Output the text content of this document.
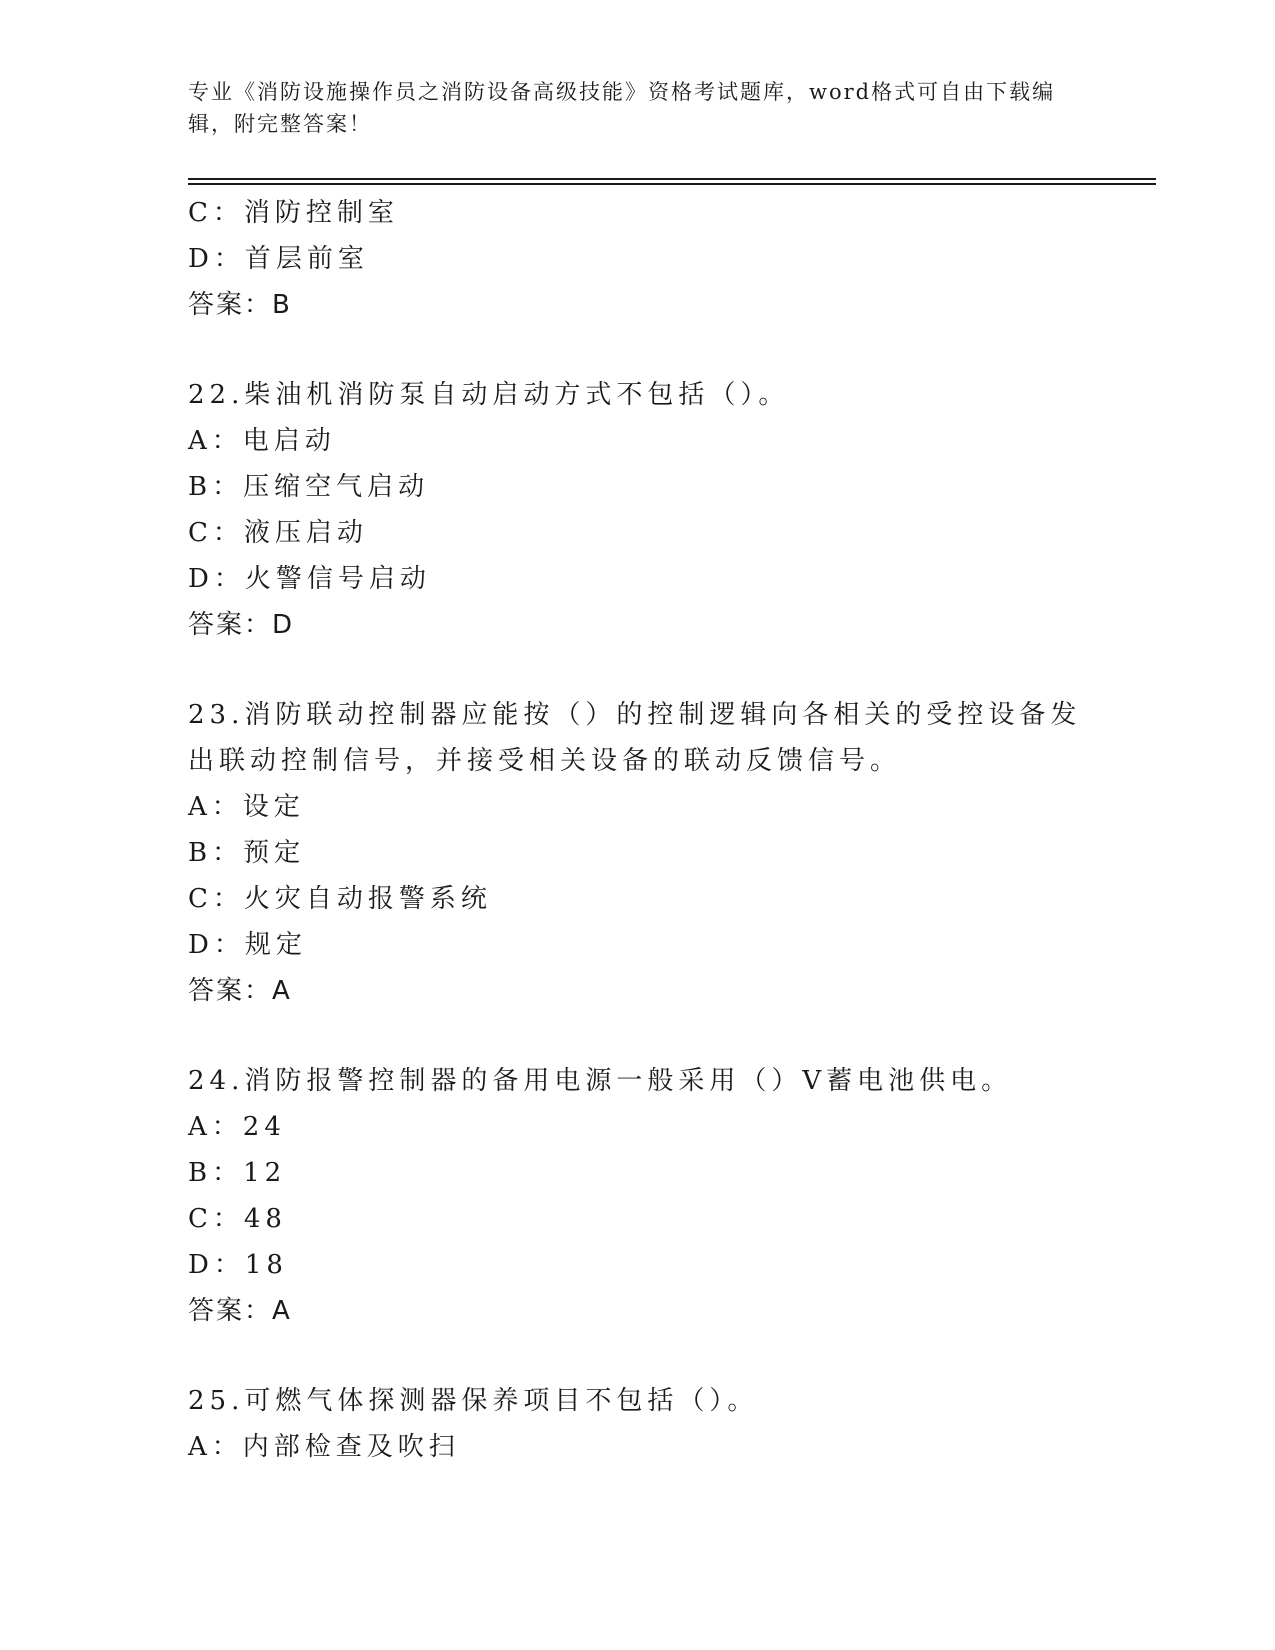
专业《消防设施操作员之消防设备高级技能》资格考试题库，word格式可自由下载编辑，附完整答案！
C：消防控制室
D：首层前室
答案：B
22.柴油机消防泵自动启动方式不包括（）。
A：电启动
B：压缩空气启动
C：液压启动
D：火警信号启动
答案：D
23.消防联动控制器应能按（）的控制逻辑向各相关的受控设备发出联动控制信号，并接受相关设备的联动反馈信号。
A：设定
B：预定
C：火灾自动报警系统
D：规定
答案：A
24.消防报警控制器的备用电源一般采用（）V蓄电池供电。
A：24
B：12
C：48
D：18
答案：A
25.可燃气体探测器保养项目不包括（）。
A：内部检查及吹扫
